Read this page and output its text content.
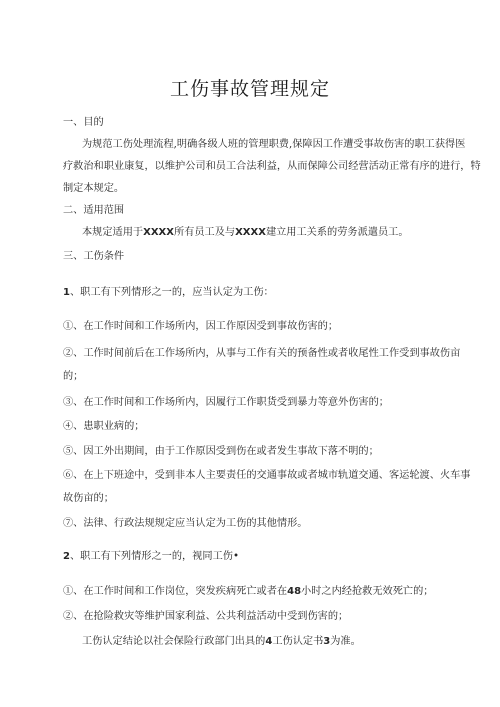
工伤事故管理规定
一、目的
为规范工伤处理流程,明确各级人班的管理职费,保障因工作遭受事故伤害的职工获得医
疗救治和职业康复，以维护公司和员工合法利益，从而保障公司经营活动正常有序的进行，特
制定本规定。
二、适用范围
本规定适用于XXXX所有员工及与XXXX建立用工关系的劳务派遣员工。
三、工伤条件
1、职工有下列情形之一的，应当认定为工伤：
①、在工作时间和工作场所内，因工作原因受到事故伤害的；
②、工作时间前后在工作场所内，从事与工作有关的预备性或者收尾性工作受到事故伤亩
的；
③、在工作时间和工作场所内，因履行工作职货受到暴力等意外伤害的；
④、患职业病的；
⑤、因工外出期间，由于工作原因受到伤在或者发生事故下落不明的；
⑥、在上下班途中，受到非本人主要责任的交通事故或者城市轨道交通、客运轮渡、火车事
故伤亩的；
⑦、法律、行政法规规定应当认定为工伤的其他情形。
2、职工有下列情形之一的，视同工伤•
①、在工作时间和工作岗位，突发疾病死亡或者在48小时之内经抢救无效死亡的；
②、在抢险救灾等维护国家利益、公共利益活动中受到伤害的；
工伤认定结论以社会保险行政部门出具的4工伤认定书3为准。
